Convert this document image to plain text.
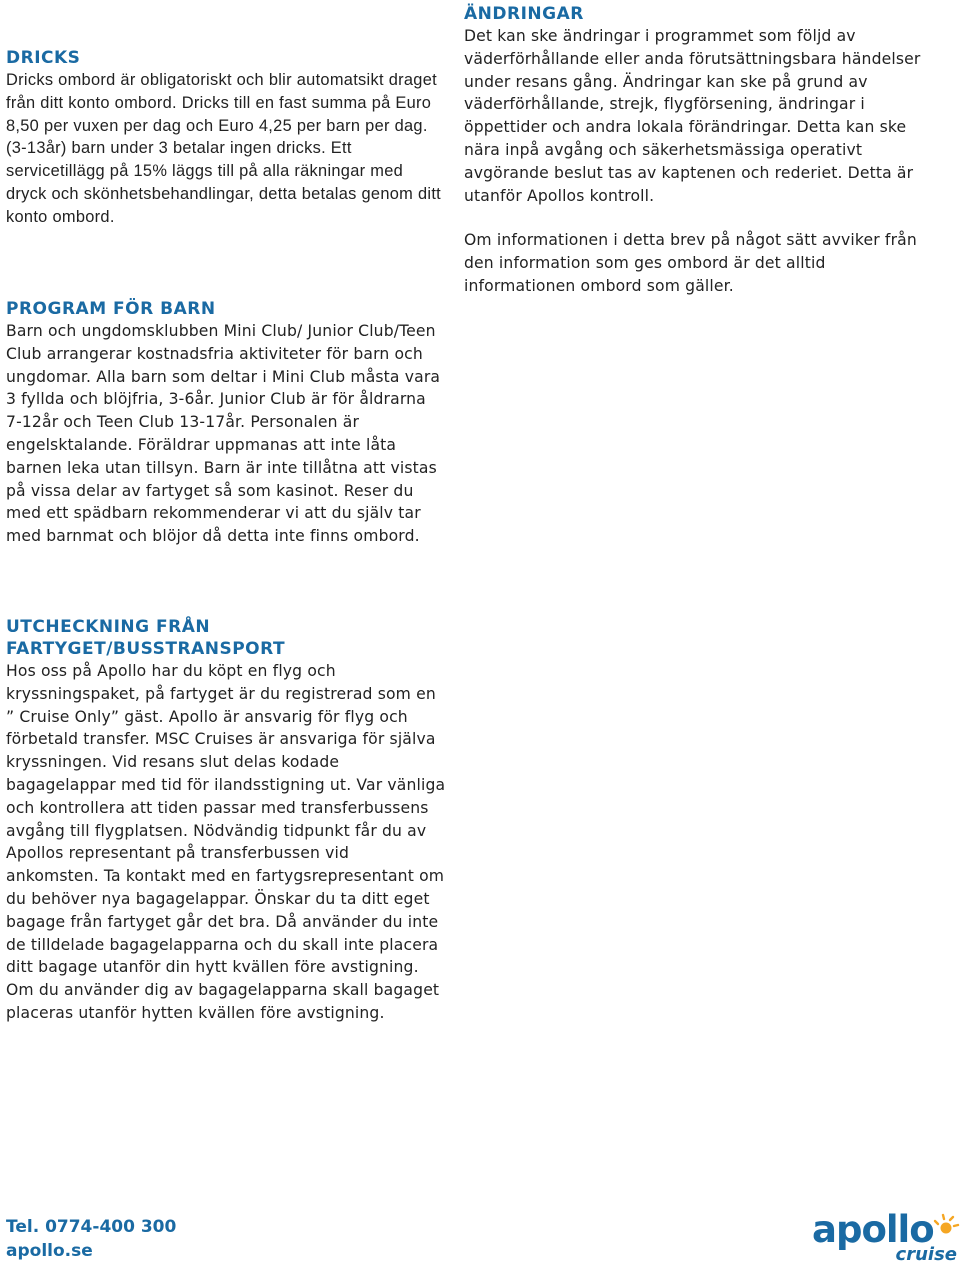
DRICKS

Dricks ombord är obligatoriskt och blir automatsikt draget från ditt konto ombord. Dricks till en fast summa på Euro 8,50 per vuxen per dag och Euro 4,25 per barn per dag. (3-13år) barn under 3 betalar ingen dricks. Ett servicetillägg på 15% läggs till på alla räkningar med dryck och skönhetsbehandlingar, detta betalas genom ditt konto ombord.

PROGRAM FÖR BARN

Barn och ungdomsklubben Mini Club/ Junior Club/Teen Club arrangerar kostnadsfria aktiviteter för barn och ungdomar. Alla barn som deltar i Mini Club måsta vara 3 fyllda och blöjfria, 3-6år. Junior Club är för åldrarna 7-12år och Teen Club 13-17år. Personalen är engelsktalande. Föräldrar uppmanas att inte låta barnen leka utan tillsyn. Barn är inte tillåtna att vistas på vissa delar av fartyget så som kasinot. Reser du med ett spädbarn rekommenderar vi att du själv tar med barnmat och blöjor då detta inte finns ombord.

ÄNDRINGAR

Det kan ske ändringar i programmet som följd av väderförhållande eller anda förutsättningsbara händelser under resans gång. Ändringar kan ske på grund av väderförhållande, strejk, flygförsening, ändringar i öppettider och andra lokala förändringar. Detta kan ske nära inpå avgång och säkerhetsmässiga operativt avgörande beslut tas av kaptenen och rederiet. Detta är utanför Apollos kontroll.

Om informationen i detta brev på något sätt avviker från den information som ges ombord är det alltid informationen ombord som gäller.

UTCHECKNING FRÅN
FARTYGET/BUSSTRANSPORT

Hos oss på Apollo har du köpt en flyg och kryssningspaket, på fartyget är du registrerad som en ” Cruise Only” gäst. Apollo är ansvarig för flyg och förbetald transfer. MSC Cruises är ansvariga för själva kryssningen. Vid resans slut delas kodade bagagelappar med tid för ilandsstigning ut. Var vänliga och kontrollera att tiden passar med transferbussens avgång till flygplatsen. Nödvändig tidpunkt får du av Apollos representant på transferbussen vid ankomsten. Ta kontakt med en fartygsrepresentant om du behöver nya bagagelappar. Önskar du ta ditt eget bagage från fartyget går det bra. Då använder du inte de tilldelade bagagelapparna och du skall inte placera ditt bagage utanför din hytt kvällen före avstigning. Om du använder dig av bagagelapparna skall bagaget placeras utanför hytten kvällen före avstigning.

Tel. 0774-400 300
apollo.se	apollo
cruise
